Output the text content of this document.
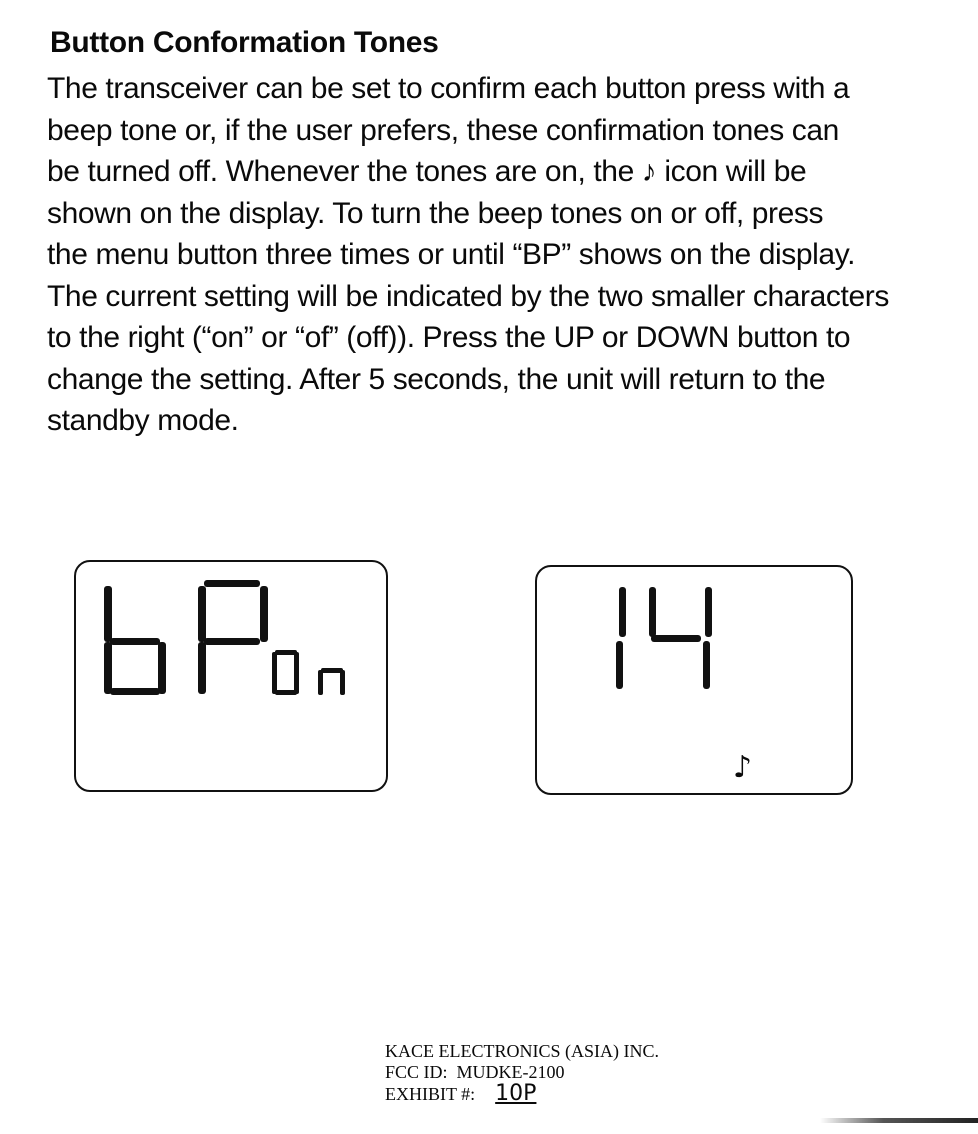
Button Conformation Tones

The transceiver can be set to confirm each button press with a
beep tone or, if the user prefers, these confirmation tones can
be turned off. Whenever the tones are on, the ♪ icon will be
shown on the display. To turn the beep tones on or off, press
the menu button three times or until “BP” shows on the display.
The current setting will be indicated by the two smaller characters
to the right (“on” or “of” (off)). Press the UP or DOWN button to
change the setting. After 5 seconds, the unit will return to the
standby mode.

♪
KACE ELECTRONICS (ASIA) INC.
FCC ID: MUDKE-2100
EXHIBIT #: 10P
